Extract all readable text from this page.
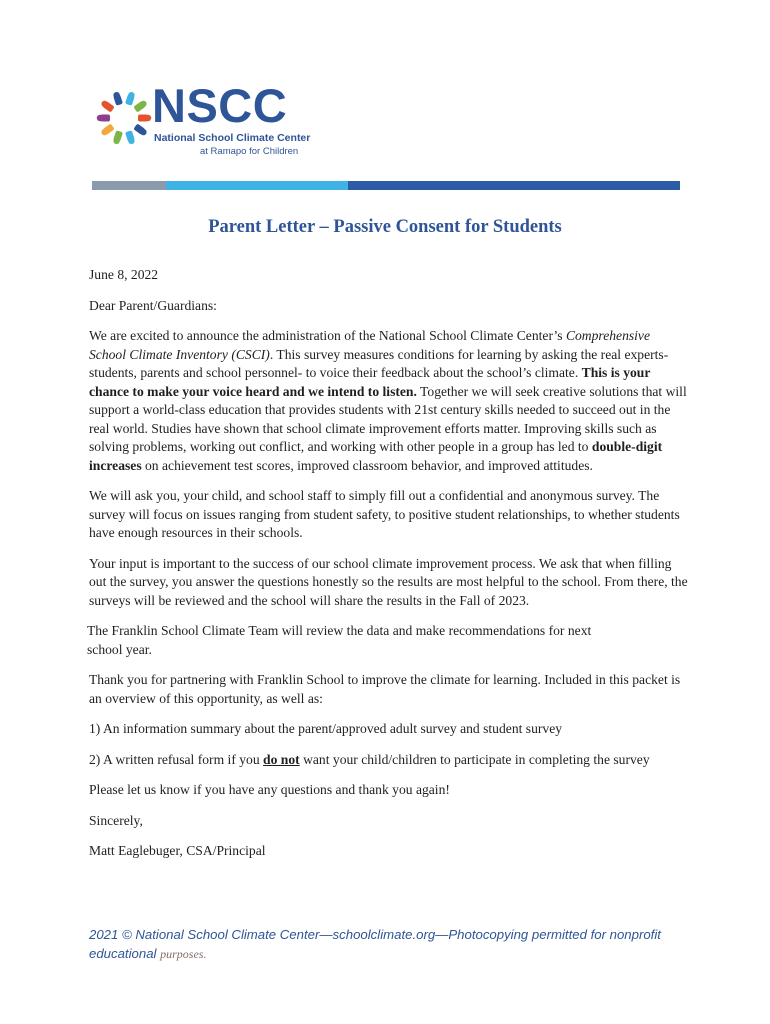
NSCC
National School Climate Center
at Ramapo for Children
Parent Letter – Passive Consent for Students

June 8, 2022

Dear Parent/Guardians:

We are excited to announce the administration of the National School Climate Center’s Comprehensive School Climate Inventory (CSCI). This survey measures conditions for learning by asking the real experts- students, parents and school personnel- to voice their feedback about the school’s climate. This is your chance to make your voice heard and we intend to listen. Together we will seek creative solutions that will support a world-class education that provides students with 21st century skills needed to succeed out in the real world. Studies have shown that school climate improvement efforts matter. Improving skills such as solving problems, working out conflict, and working with other people in a group has led to double-digit increases on achievement test scores, improved classroom behavior, and improved attitudes.

We will ask you, your child, and school staff to simply fill out a confidential and anonymous survey. The survey will focus on issues ranging from student safety, to positive student relationships, to whether students have enough resources in their schools.

Your input is important to the success of our school climate improvement process. We ask that when filling out the survey, you answer the questions honestly so the results are most helpful to the school. From there, the surveys will be reviewed and the school will share the results in the Fall of 2023.

The Franklin School Climate Team will review the data and make recommendations for next school year.

Thank you for partnering with Franklin School to improve the climate for learning. Included in this packet is an overview of this opportunity, as well as:

1) An information summary about the parent/approved adult survey and student survey

2) A written refusal form if you do not want your child/children to participate in completing the survey

Please let us know if you have any questions and thank you again!

Sincerely,

Matt Eaglebuger, CSA/Principal

2021 © National School Climate Center—schoolclimate.org—Photocopying permitted for nonprofit educational purposes.
